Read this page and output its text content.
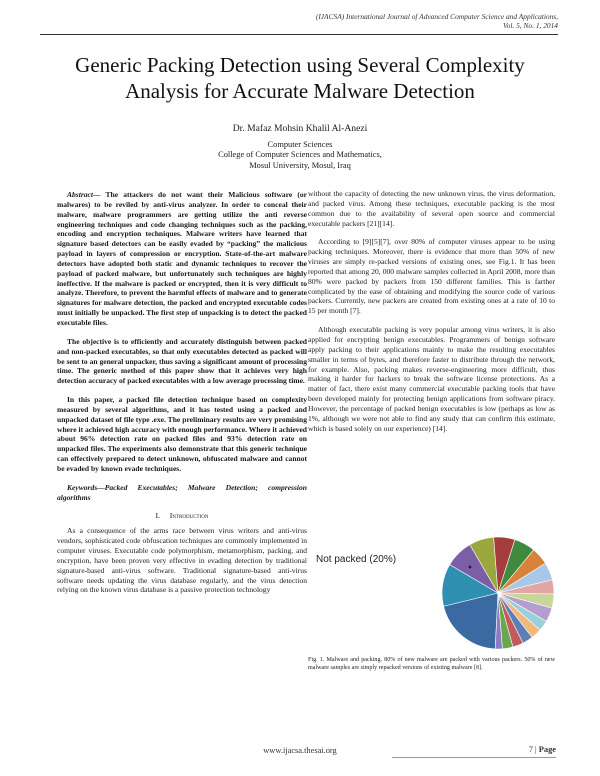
(IJACSA) International Journal of Advanced Computer Science and Applications,
Vol. 5, No. 1, 2014
Generic Packing Detection using Several Complexity
Analysis for Accurate Malware Detection
Dr. Mafaz Mohsin Khalil Al-Anezi
Computer Sciences
College of Computer Sciences and Mathematics,
Mosul University, Mosul, Iraq

Abstract— The attackers do not want their Malicious software (or malwares) to be reviled by anti-virus analyzer. In order to conceal their malware, malware programmers are getting utilize the anti reverse engineering techniques and code changing techniques such as the packing, encoding and encryption techniques. Malware writers have learned that signature based detectors can be easily evaded by “packing” the malicious payload in layers of compression or encryption. State-of-the-art malware detectors have adopted both static and dynamic techniques to recover the payload of packed malware, but unfortunately such techniques are highly ineffective. If the malware is packed or encrypted, then it is very difficult to analyze. Therefore, to prevent the harmful effects of malware and to generate signatures for malware detection, the packed and encrypted executable codes must initially be unpacked. The first step of unpacking is to detect the packed executable files.

The objective is to efficiently and accurately distinguish between packed and non-packed executables, so that only executables detected as packed will be sent to an general unpacker, thus saving a significant amount of processing time. The generic method of this paper show that it achieves very high detection accuracy of packed executables with a low average processing time.

In this paper, a packed file detection technique based on complexity measured by several algorithms, and it has tested using a packed and unpacked dataset of file type .exe. The preliminary results are very promising where it achieved high accuracy with enough performance. Where it achieved about 96% detection rate on packed files and 93% detection rate on unpacked files. The experiments also demonstrate that this generic technique can effectively prepared to detect unknown, obfuscated malware and cannot be evaded by known evade techniques.

Keywords—Packed Executables; Malware Detection; compression algorithms

I. Introduction

As a consequence of the arms race between virus writers and anti-virus vendors, sophisticated code obfuscation techniques are commonly implemented in computer viruses. Executable code polymorphism, metamorphism, packing, and encryption, have been proven very effective in evading detection by traditional signature-based anti-virus software. Traditional signature-based anti-virus software needs updating the virus database regularly, and the virus detection relying on the known virus database is a passive protection technology

without the capacity of detecting the new unknown virus, the virus deformation, and packed virus. Among these techniques, executable packing is the most common due to the availability of several open source and commercial executable packers [21][14].

According to [9][5][7], over 80% of computer viruses appear to be using packing techniques. Moreover, there is evidence that more than 50% of new viruses are simply re-packed versions of existing ones, see Fig.1. It has been reported that among 20, 000 malware samples collected in April 2008, more than 80% were packed by packers from 150 different families. This is farther complicated by the ease of obtaining and modifying the source code of various packers. Currently, new packers are created from existing ones at a rate of 10 to 15 per month [7].

Although executable packing is very popular among virus writers, it is also applied for encrypting benign executables. Programmers of benign software apply packing to their applications mainly to make the resulting executables smaller in terms of bytes, and therefore faster to distribute through the network, for example. Also, packing makes reverse-engineering more difficult, thus making it harder for hackers to break the software license protections. As a matter of fact, there exist many commercial executable packing tools that have been developed mainly for protecting benign applications from software piracy. However, the percentage of packed benign executables is low (perhaps as low as 1%, although we were not able to find any study that can confirm this estimate, which is based solely on our experience) [14].

Not packed (20%)
Fig. 1. Malware and packing. 80% of new malware are packed with various packers. 50% of new malware samples are simply repacked versions of existing malware [8].
www.ijacsa.thesai.org	7 | Page
